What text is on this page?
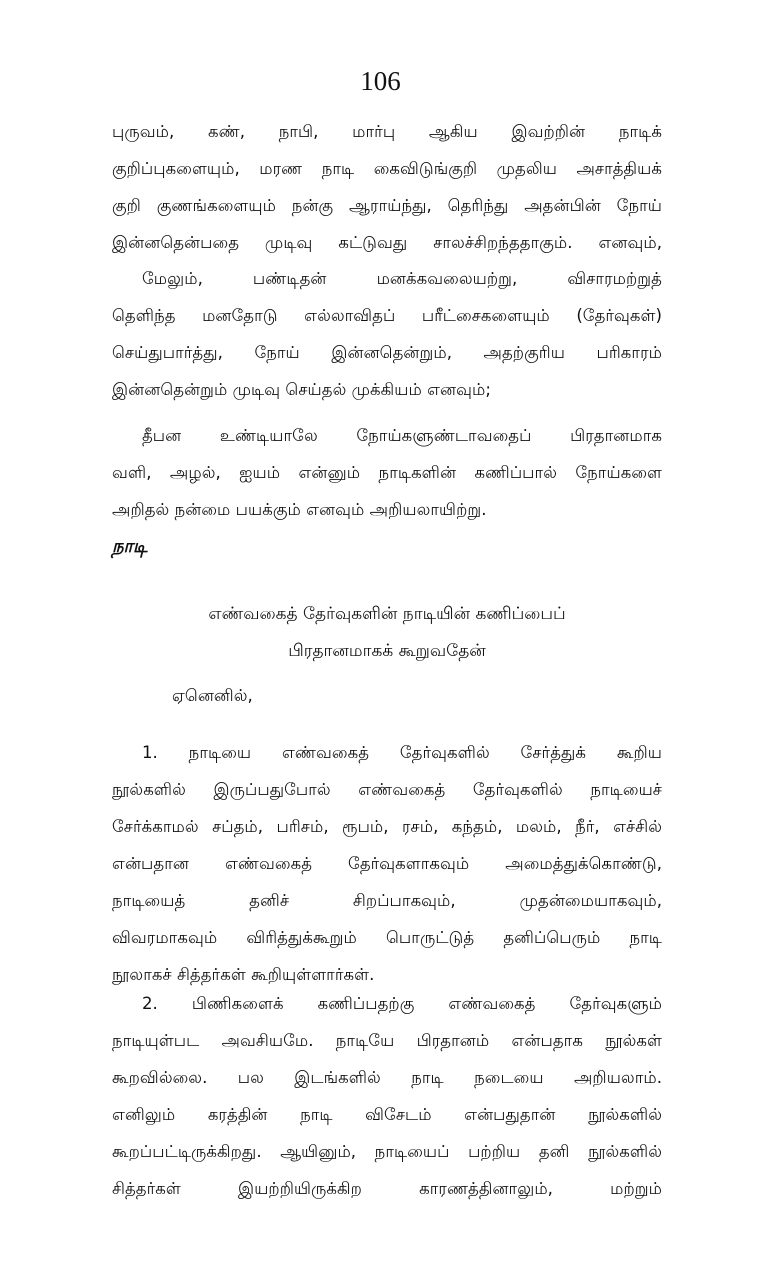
106
புருவம், கண், நாபி, மார்பு ஆகிய இவற்றின் நாடிக்
குறிப்புகளையும், மரண நாடி கைவிடுங்குறி முதலிய அசாத்தியக்
குறி குணங்களையும் நன்கு ஆராய்ந்து, தெரிந்து அதன்பின் நோய்
இன்னதென்பதை முடிவு கட்டுவது சாலச்சிறந்ததாகும். எனவும்,
மேலும், பண்டிதன் மனக்கவலையற்று, விசாரமற்றுத்
தெளிந்த மனதோடு எல்லாவிதப் பரீட்சைகளையும் (தேர்வுகள்)
செய்துபார்த்து, நோய் இன்னதென்றும், அதற்குரிய பரிகாரம்
இன்னதென்றும் முடிவு செய்தல் முக்கியம் எனவும்;
தீபன உண்டியாலே நோய்களுண்டாவதைப் பிரதானமாக
வளி, அழல், ஐயம் என்னும் நாடிகளின் கணிப்பால் நோய்களை
அறிதல் நன்மை பயக்கும் எனவும் அறியலாயிற்று.
நாடி
எண்வகைத் தேர்வுகளின் நாடியின் கணிப்பைப்
பிரதானமாகக் கூறுவதேன்
ஏனெனில்,
1. நாடியை எண்வகைத் தேர்வுகளில் சேர்த்துக் கூறிய
நூல்களில் இருப்பதுபோல் எண்வகைத் தேர்வுகளில் நாடியைச்
சேர்க்காமல் சப்தம், பரிசம், ரூபம், ரசம், கந்தம், மலம், நீர், எச்சில்
என்பதான எண்வகைத் தேர்வுகளாகவும் அமைத்துக்கொண்டு,
நாடியைத் தனிச் சிறப்பாகவும், முதன்மையாகவும்,
விவரமாகவும் விரித்துக்கூறும் பொருட்டுத் தனிப்பெரும் நாடி
நூலாகச் சித்தர்கள் கூறியுள்ளார்கள்.
2. பிணிகளைக் கணிப்பதற்கு எண்வகைத் தேர்வுகளும்
நாடியுள்பட அவசியமே. நாடியே பிரதானம் என்பதாக நூல்கள்
கூறவில்லை. பல இடங்களில் நாடி நடையை அறியலாம்.
எனிலும் கரத்தின் நாடி விசேடம் என்பதுதான் நூல்களில்
கூறப்பட்டிருக்கிறது. ஆயினும், நாடியைப் பற்றிய தனி நூல்களில்
சித்தர்கள் இயற்றியிருக்கிற காரணத்தினாலும், மற்றும்
